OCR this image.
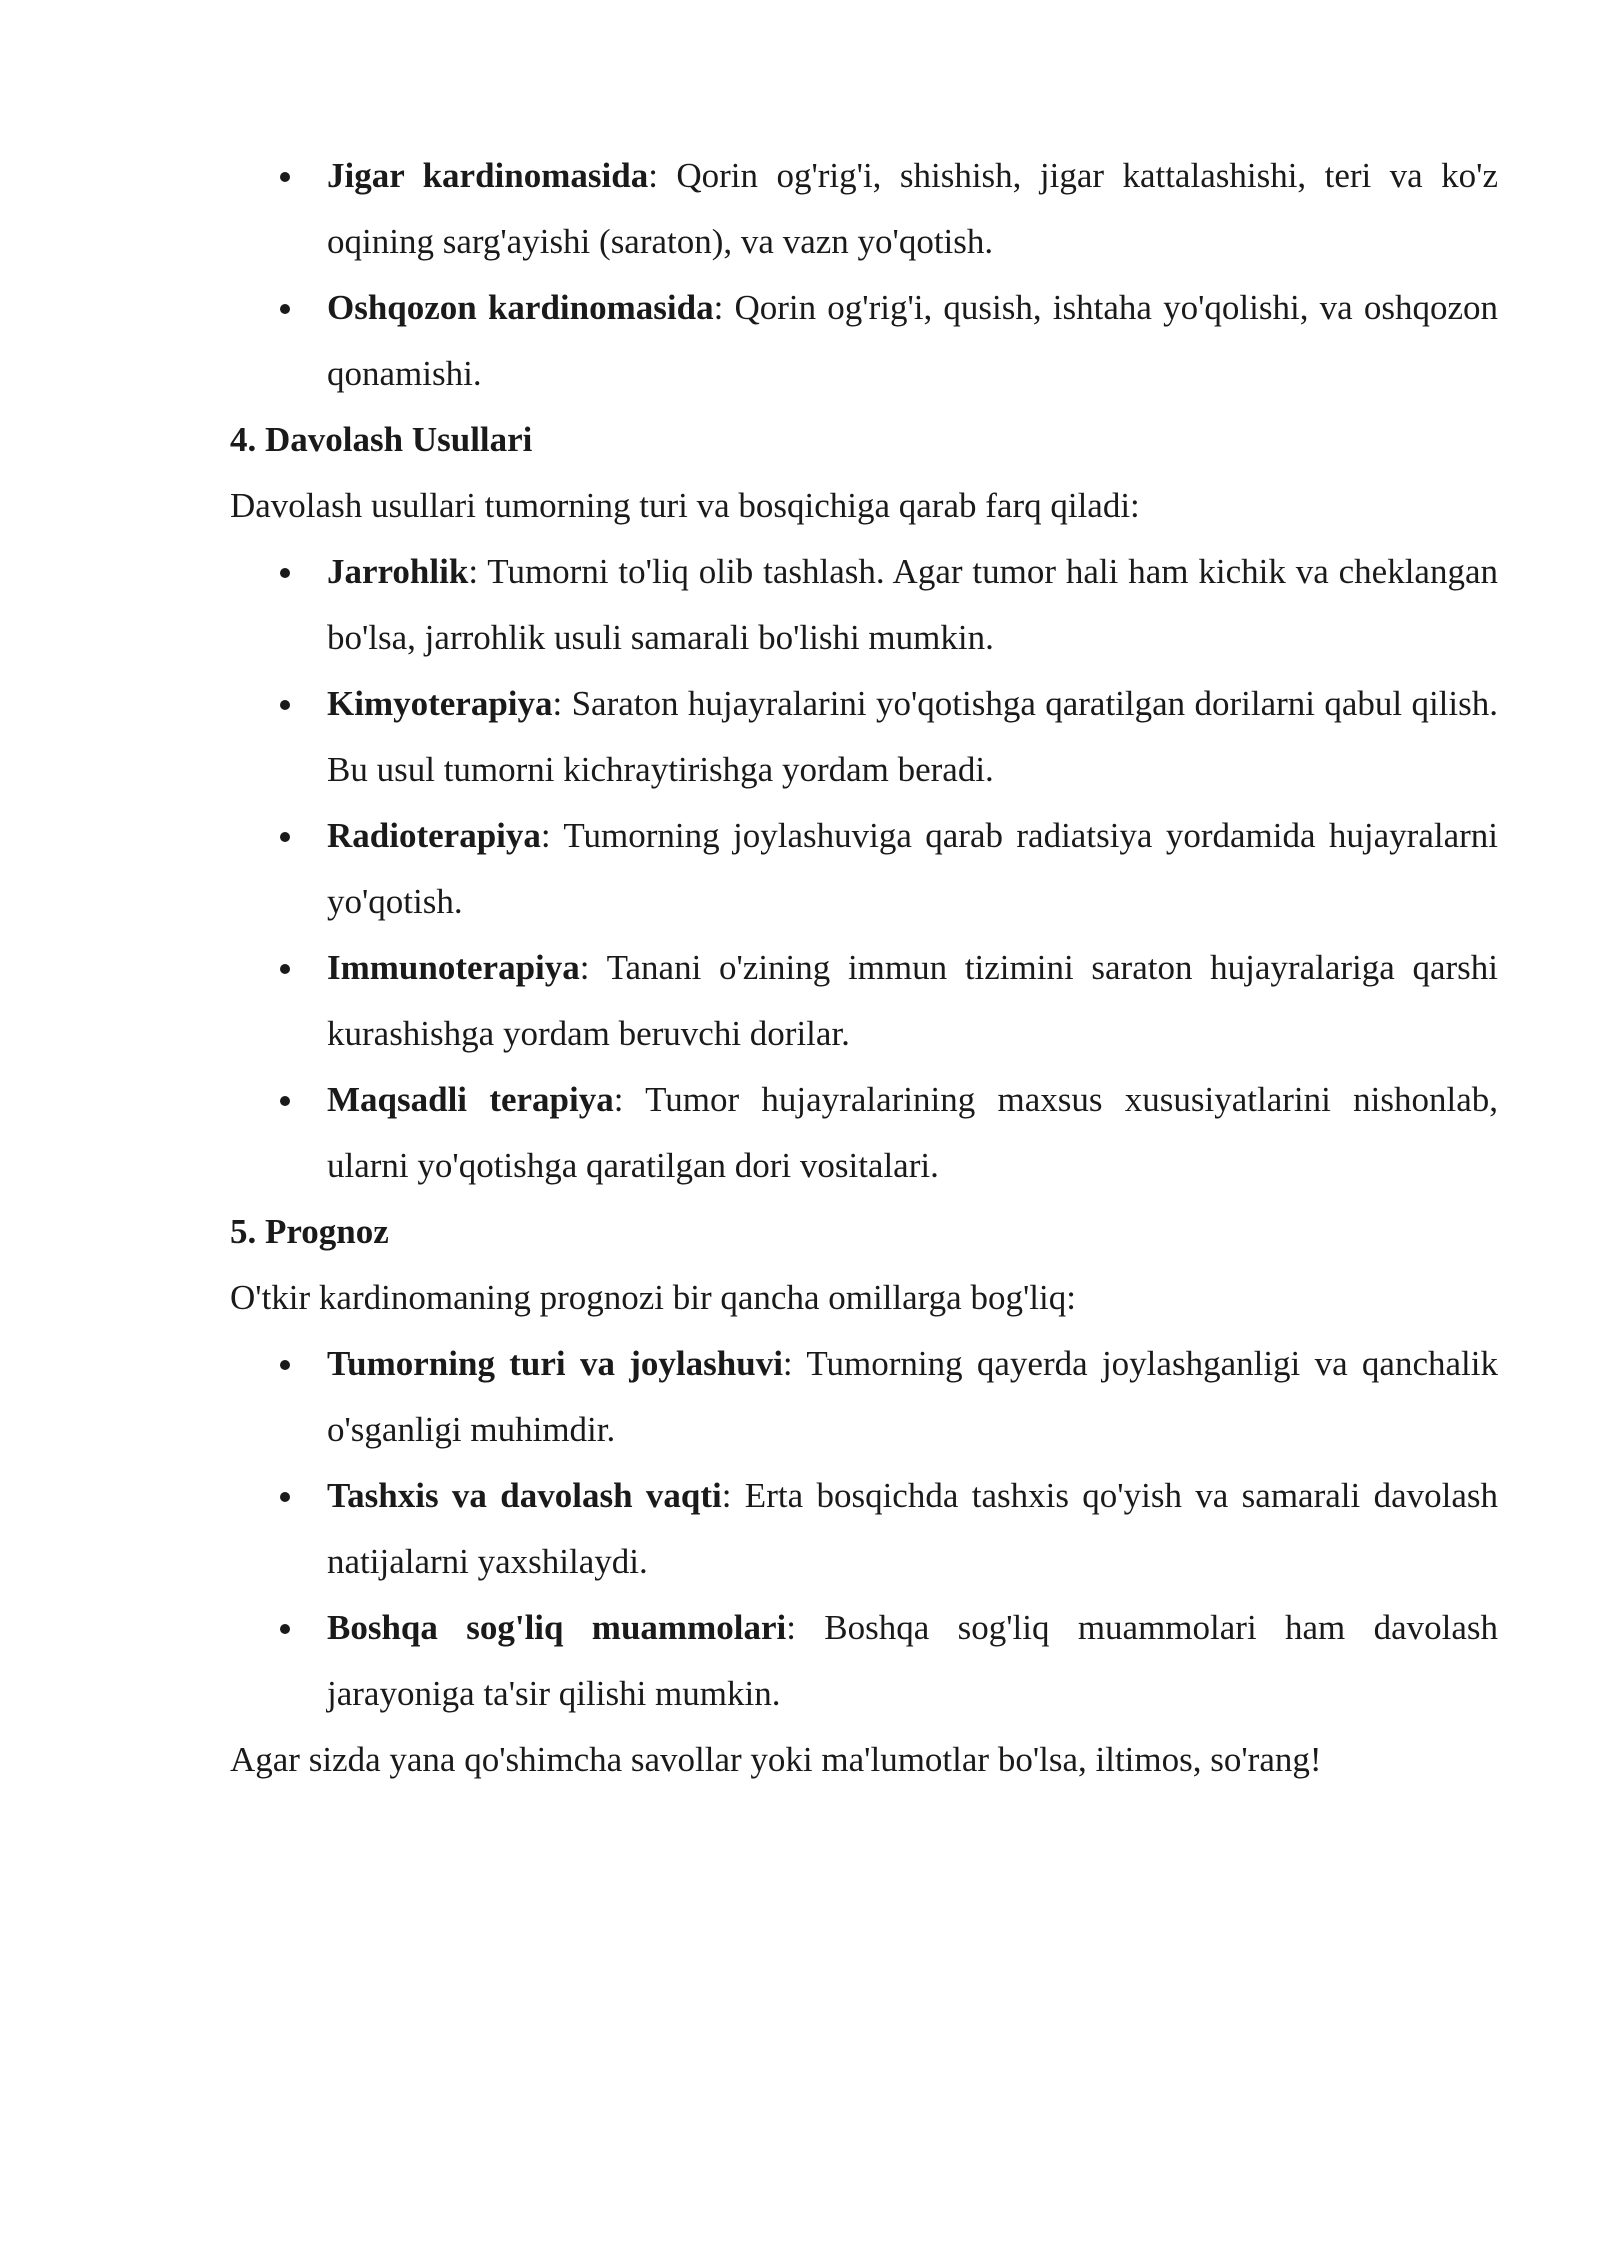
Jigar kardinomasida: Qorin og'rig'i, shishish, jigar kattalashishi, teri va ko'z oqining sarg'ayishi (saraton), va vazn yo'qotish.
Oshqozon kardinomasida: Qorin og'rig'i, qusish, ishtaha yo'qolishi, va oshqozon qonamishi.
4. Davolash Usullari

Davolash usullari tumorning turi va bosqichiga qarab farq qiladi:

Jarrohlik: Tumorni to'liq olib tashlash. Agar tumor hali ham kichik va cheklangan bo'lsa, jarrohlik usuli samarali bo'lishi mumkin.
Kimyoterapiya: Saraton hujayralarini yo'qotishga qaratilgan dorilarni qabul qilish. Bu usul tumorni kichraytirishga yordam beradi.
Radioterapiya: Tumorning joylashuviga qarab radiatsiya yordamida hujayralarni yo'qotish.
Immunoterapiya: Tanani o'zining immun tizimini saraton hujayralariga qarshi kurashishga yordam beruvchi dorilar.
Maqsadli terapiya: Tumor hujayralarining maxsus xususiyatlarini nishonlab, ularni yo'qotishga qaratilgan dori vositalari.
5. Prognoz

O'tkir kardinomaning prognozi bir qancha omillarga bog'liq:

Tumorning turi va joylashuvi: Tumorning qayerda joylashganligi va qanchalik o'sganligi muhimdir.
Tashxis va davolash vaqti: Erta bosqichda tashxis qo'yish va samarali davolash natijalarni yaxshilaydi.
Boshqa sog'liq muammolari: Boshqa sog'liq muammolari ham davolash jarayoniga ta'sir qilishi mumkin.

Agar sizda yana qo'shimcha savollar yoki ma'lumotlar bo'lsa, iltimos, so'rang!
